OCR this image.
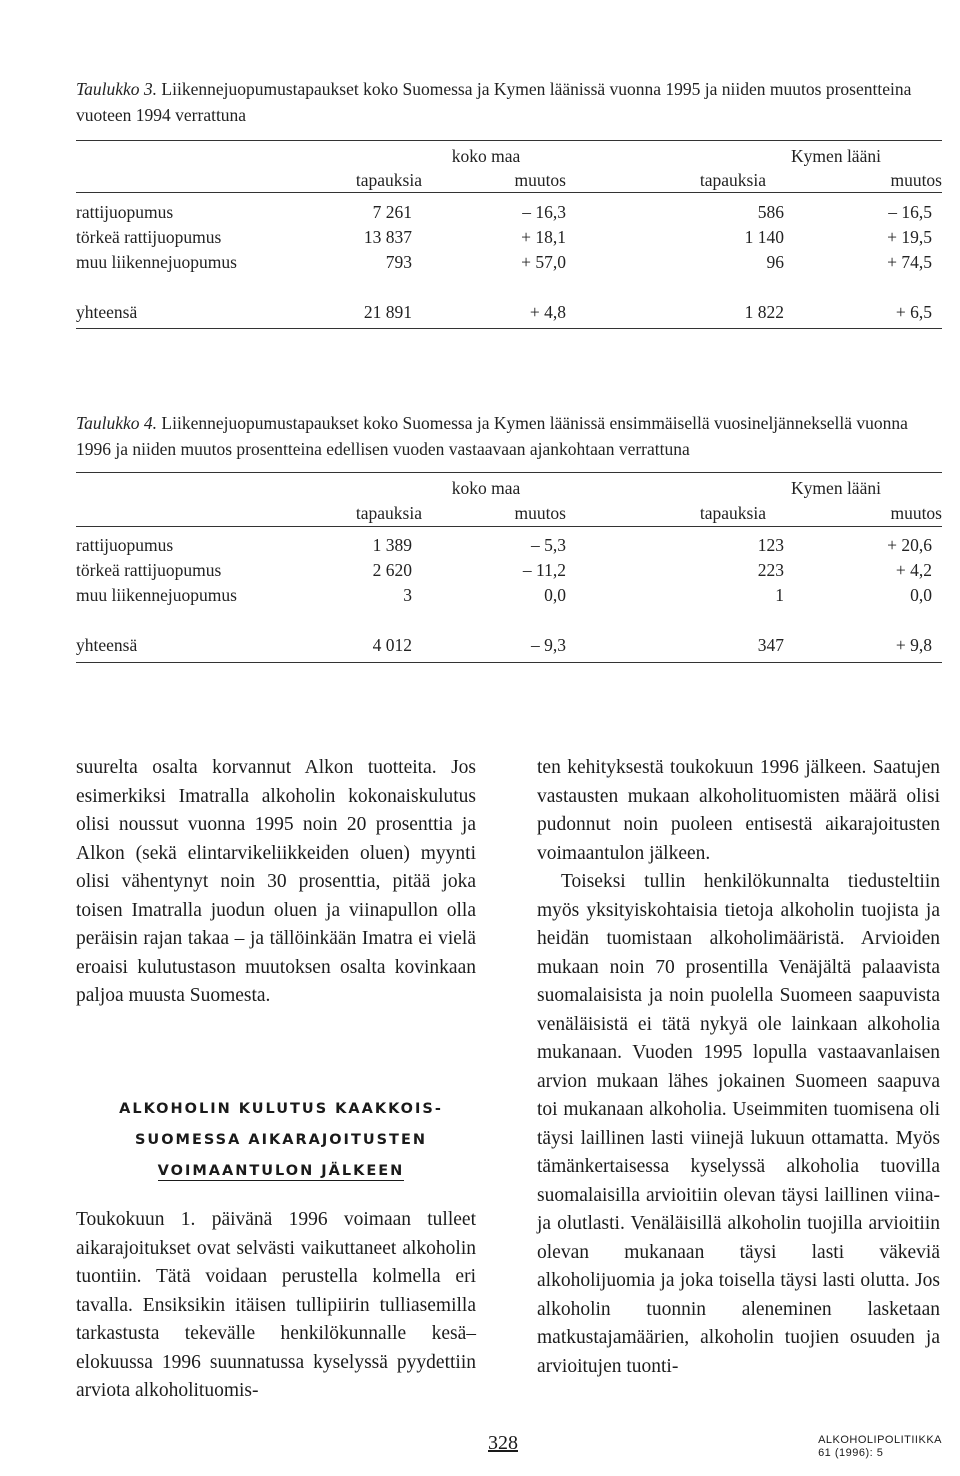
Taulukko 3. Liikennejuopumustapaukset koko Suomessa ja Kymen läänissä vuonna 1995 ja niiden muutos prosentteina vuoteen 1994 verrattuna
koko maa	Kymen lääni
tapauksia	muutos	tapauksia	muutos
rattijuopumus	7 261	– 16,3	586	– 16,5
törkeä rattijuopumus	13 837	+ 18,1	1 140	+ 19,5
muu liikennejuopumus	793	+ 57,0	96	+ 74,5
yhteensä	21 891	+ 4,8	1 822	+ 6,5
Taulukko 4. Liikennejuopumustapaukset koko Suomessa ja Kymen läänissä ensimmäisellä vuosineljänneksellä vuonna 1996 ja niiden muutos prosentteina edellisen vuoden vastaavaan ajankohtaan verrattuna
koko maa	Kymen lääni
tapauksia	muutos	tapauksia	muutos
rattijuopumus	1 389	– 5,3	123	+ 20,6
törkeä rattijuopumus	2 620	– 11,2	223	+ 4,2
muu liikennejuopumus	3	0,0	1	0,0
yhteensä	4 012	– 9,3	347	+ 9,8

suurelta osalta korvannut Alkon tuotteita. Jos esimerkiksi Imatralla alkoholin kokonaiskulutus olisi noussut vuonna 1995 noin 20 prosenttia ja Alkon (sekä elintarvikeliikkeiden oluen) myynti olisi vähentynyt noin 30 prosenttia, pitää joka toisen Imatralla juodun oluen ja viinapullon olla peräisin rajan takaa – ja tällöinkään Imatra ei vielä eroaisi kulutustason muutoksen osalta kovinkaan paljoa muusta Suomesta.

ALKOHOLIN KULUTUS KAAKKOIS-
SUOMESSA AIKARAJOITUSTEN
VOIMAANTULON JÄLKEEN

Toukokuun 1. päivänä 1996 voimaan tulleet aikarajoitukset ovat selvästi vaikuttaneet alkoholin tuontiin. Tätä voidaan perustella kolmella eri tavalla. Ensiksikin itäisen tullipiirin tulliasemilla tarkastusta tekevälle henkilökunnalle kesä–elokuussa 1996 suunnatussa kyselyssä pyydettiin arviota alkoholituomis-

ten kehityksestä toukokuun 1996 jälkeen. Saatujen vastausten mukaan alkoholituomisten määrä olisi pudonnut noin puoleen entisestä aikarajoitusten voimaantulon jälkeen.

Toiseksi tullin henkilökunnalta tiedusteltiin myös yksityiskohtaisia tietoja alkoholin tuojista ja heidän tuomistaan alkoholimääristä. Arvioiden mukaan noin 70 prosentilla Venäjältä palaavista suomalaisista ja noin puolella Suomeen saapuvista venäläisistä ei tätä nykyä ole lainkaan alkoholia mukanaan. Vuoden 1995 lopulla vastaavanlaisen arvion mukaan lähes jokainen Suomeen saapuva toi mukanaan alkoholia. Useimmiten tuomisena oli täysi laillinen lasti viinejä lukuun ottamatta. Myös tämänkertaisessa kyselyssä alkoholia tuovilla suomalaisilla arvioitiin olevan täysi laillinen viina- ja olutlasti. Venäläisillä alkoholin tuojilla arvioitiin olevan mukanaan täysi lasti väkeviä alkoholijuomia ja joka toisella täysi lasti olutta. Jos alkoholin tuonnin aleneminen lasketaan matkustajamäärien, alkoholin tuojien osuuden ja arvioitujen tuonti-

328	ALKOHOLIPOLITIIKKA
61 (1996): 5
